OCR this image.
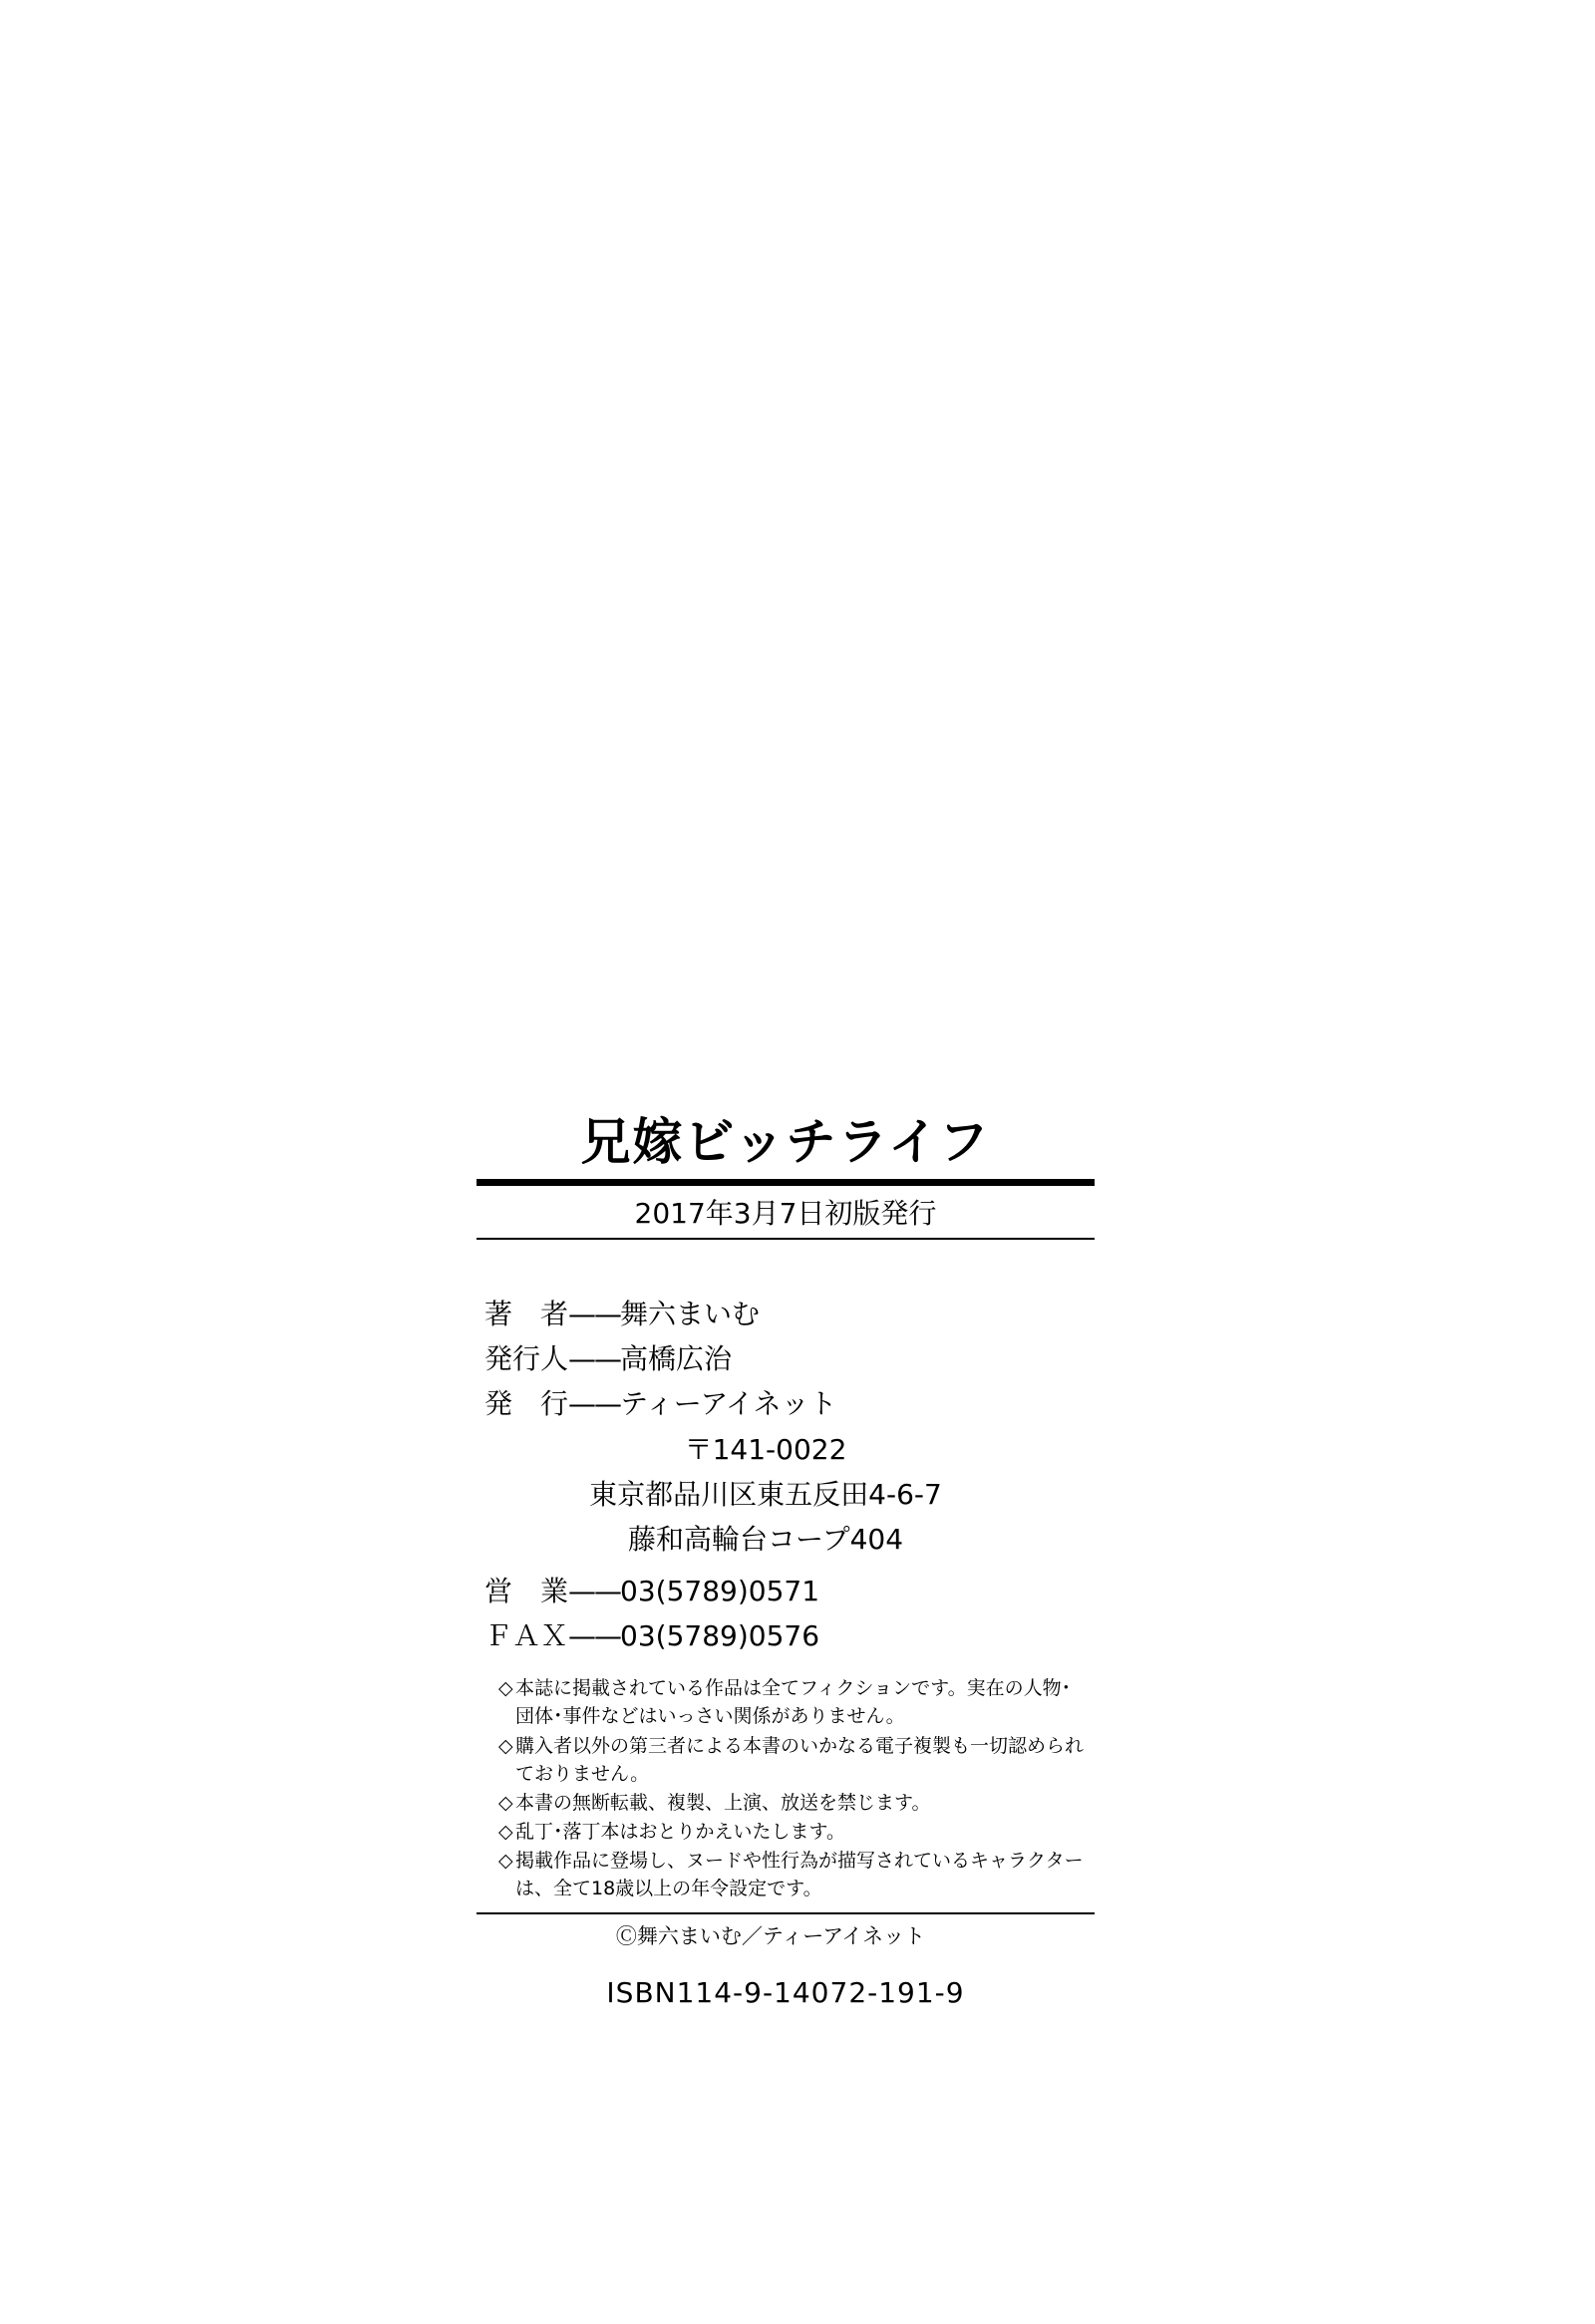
兄嫁ビッチライフ
2017年3月7日初版発行
著　者——舞六まいむ
発行人——高橋広治
発　行——ティーアイネット
〒141-0022
東京都品川区東五反田4-6-7
藤和高輪台コープ404
営　業——03(5789)0571
ＦＡＸ——03(5789)0576
◇ 本誌に掲載されている作品は全てフィクションです。実在の人物･団体･事件などはいっさい関係がありません。
◇ 購入者以外の第三者による本書のいかなる電子複製も一切認められておりません。
◇ 本書の無断転載、複製、上演、放送を禁じます。
◇ 乱丁･落丁本はおとりかえいたします。
◇ 掲載作品に登場し、ヌードや性行為が描写されているキャラクターは、全て18歳以上の年令設定です。
Ⓒ舞六まいむ／ティーアイネット
ISBN114-9-14072-191-9
